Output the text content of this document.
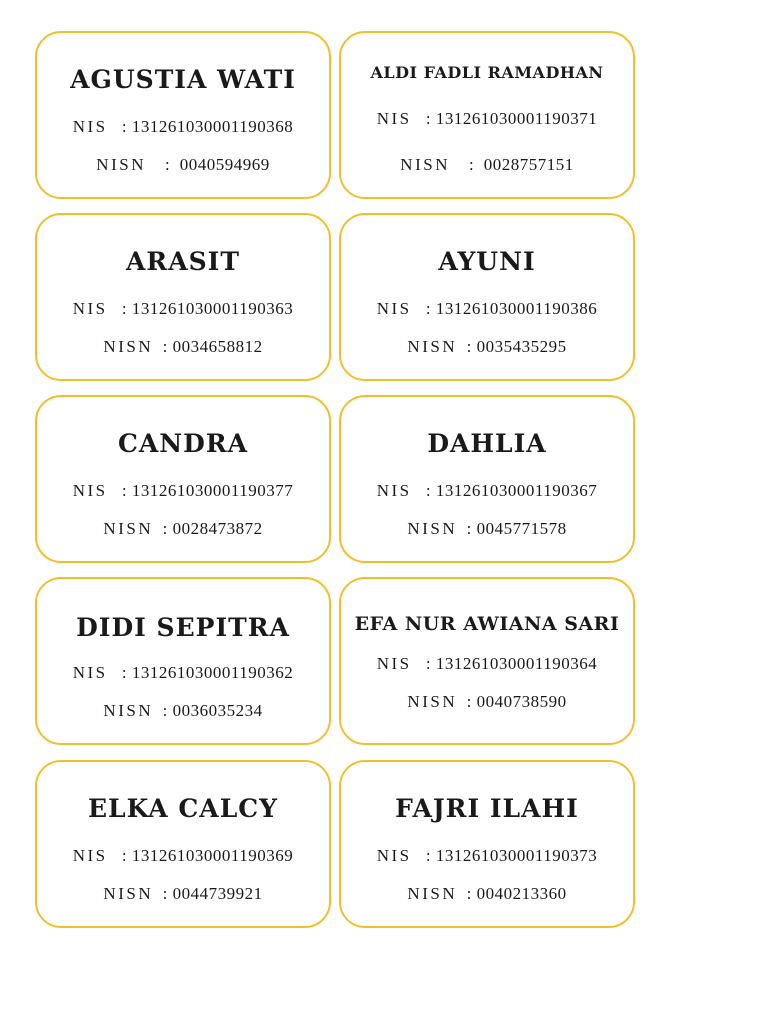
AGUSTIA WATI
NIS : 131261030001190368
NISN : 0040594969
ALDI FADLI RAMADHAN
NIS : 131261030001190371
NISN : 0028757151
ARASIT
NIS : 131261030001190363
NISN : 0034658812
AYUNI
NIS : 131261030001190386
NISN : 0035435295
CANDRA
NIS : 131261030001190377
NISN : 0028473872
DAHLIA
NIS : 131261030001190367
NISN : 0045771578
DIDI SEPITRA
NIS : 131261030001190362
NISN : 0036035234
EFA NUR AWIANA SARI
NIS : 131261030001190364
NISN : 0040738590
ELKA CALCY
NIS : 131261030001190369
NISN : 0044739921
FAJRI ILAHI
NIS : 131261030001190373
NISN : 0040213360
